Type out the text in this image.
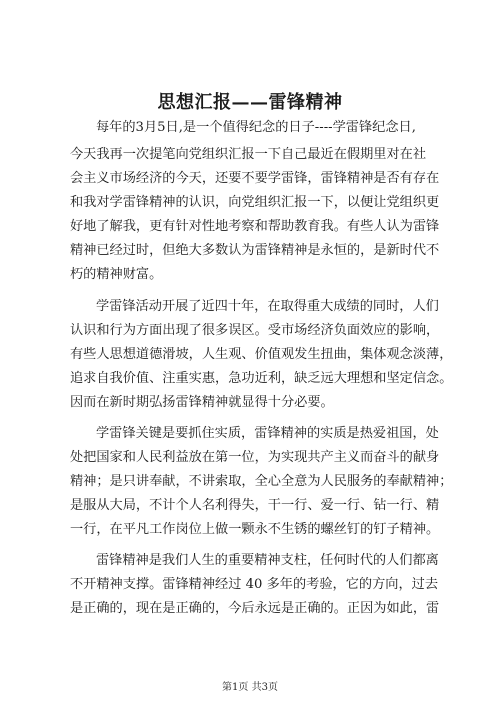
思想汇报——雷锋精神
每年的3月5日,是一个值得纪念的日子----学雷锋纪念日,
今天我再一次提笔向党组织汇报一下自己最近在假期里对在社
会主义市场经济的今天，还要不要学雷锋，雷锋精神是否有存在
和我对学雷锋精神的认识，向党组织汇报一下，以便让党组织更
好地了解我，更有针对性地考察和帮助教育我。有些人认为雷锋
精神已经过时，但绝大多数认为雷锋精神是永恒的，是新时代不
朽的精神财富。
学雷锋活动开展了近四十年，在取得重大成绩的同时，人们
认识和行为方面出现了很多误区。受市场经济负面效应的影响，
有些人思想道德滑坡，人生观、价值观发生扭曲，集体观念淡薄，
追求自我价值、注重实惠，急功近利，缺乏远大理想和坚定信念。
因而在新时期弘扬雷锋精神就显得十分必要。
学雷锋关键是要抓住实质，雷锋精神的实质是热爱祖国，处
处把国家和人民利益放在第一位，为实现共产主义而奋斗的献身
精神；是只讲奉献，不讲索取，全心全意为人民服务的奉献精神；
是服从大局，不计个人名利得失，干一行、爱一行、钻一行、精
一行，在平凡工作岗位上做一颗永不生锈的螺丝钉的钉子精神。
雷锋精神是我们人生的重要精神支柱，任何时代的人们都离
不开精神支撑。雷锋精神经过 40 多年的考验，它的方向，过去
是正确的，现在是正确的，今后永远是正确的。正因为如此，雷
第1页 共3页
